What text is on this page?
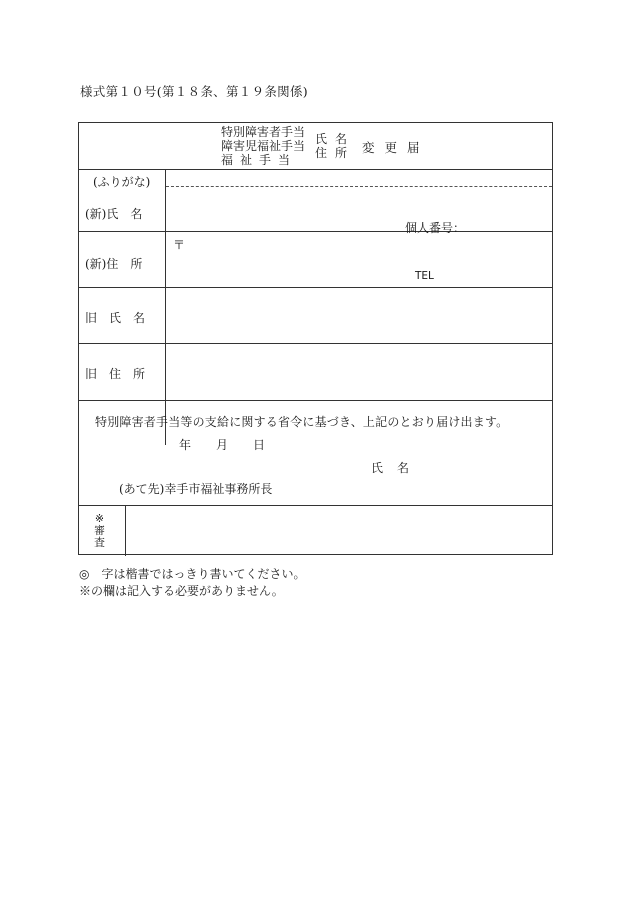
様式第１０号(第１８条、第１９条関係)
特別障害者手当
障害児福祉手当
福祉手当
氏名
住所 変更届
(ふりがな)
(新)氏　名
(新)住　所
旧　氏　名
旧　住　所
個人番号：
〒
TEL
特別障害者手当等の支給に関する省令に基づき、上記のとおり届け出ます。
年 月 日
氏名
(あて先)幸手市福祉事務所長
※
審
査
◎　字は楷書ではっきり書いてください。
※の欄は記入する必要がありません。
